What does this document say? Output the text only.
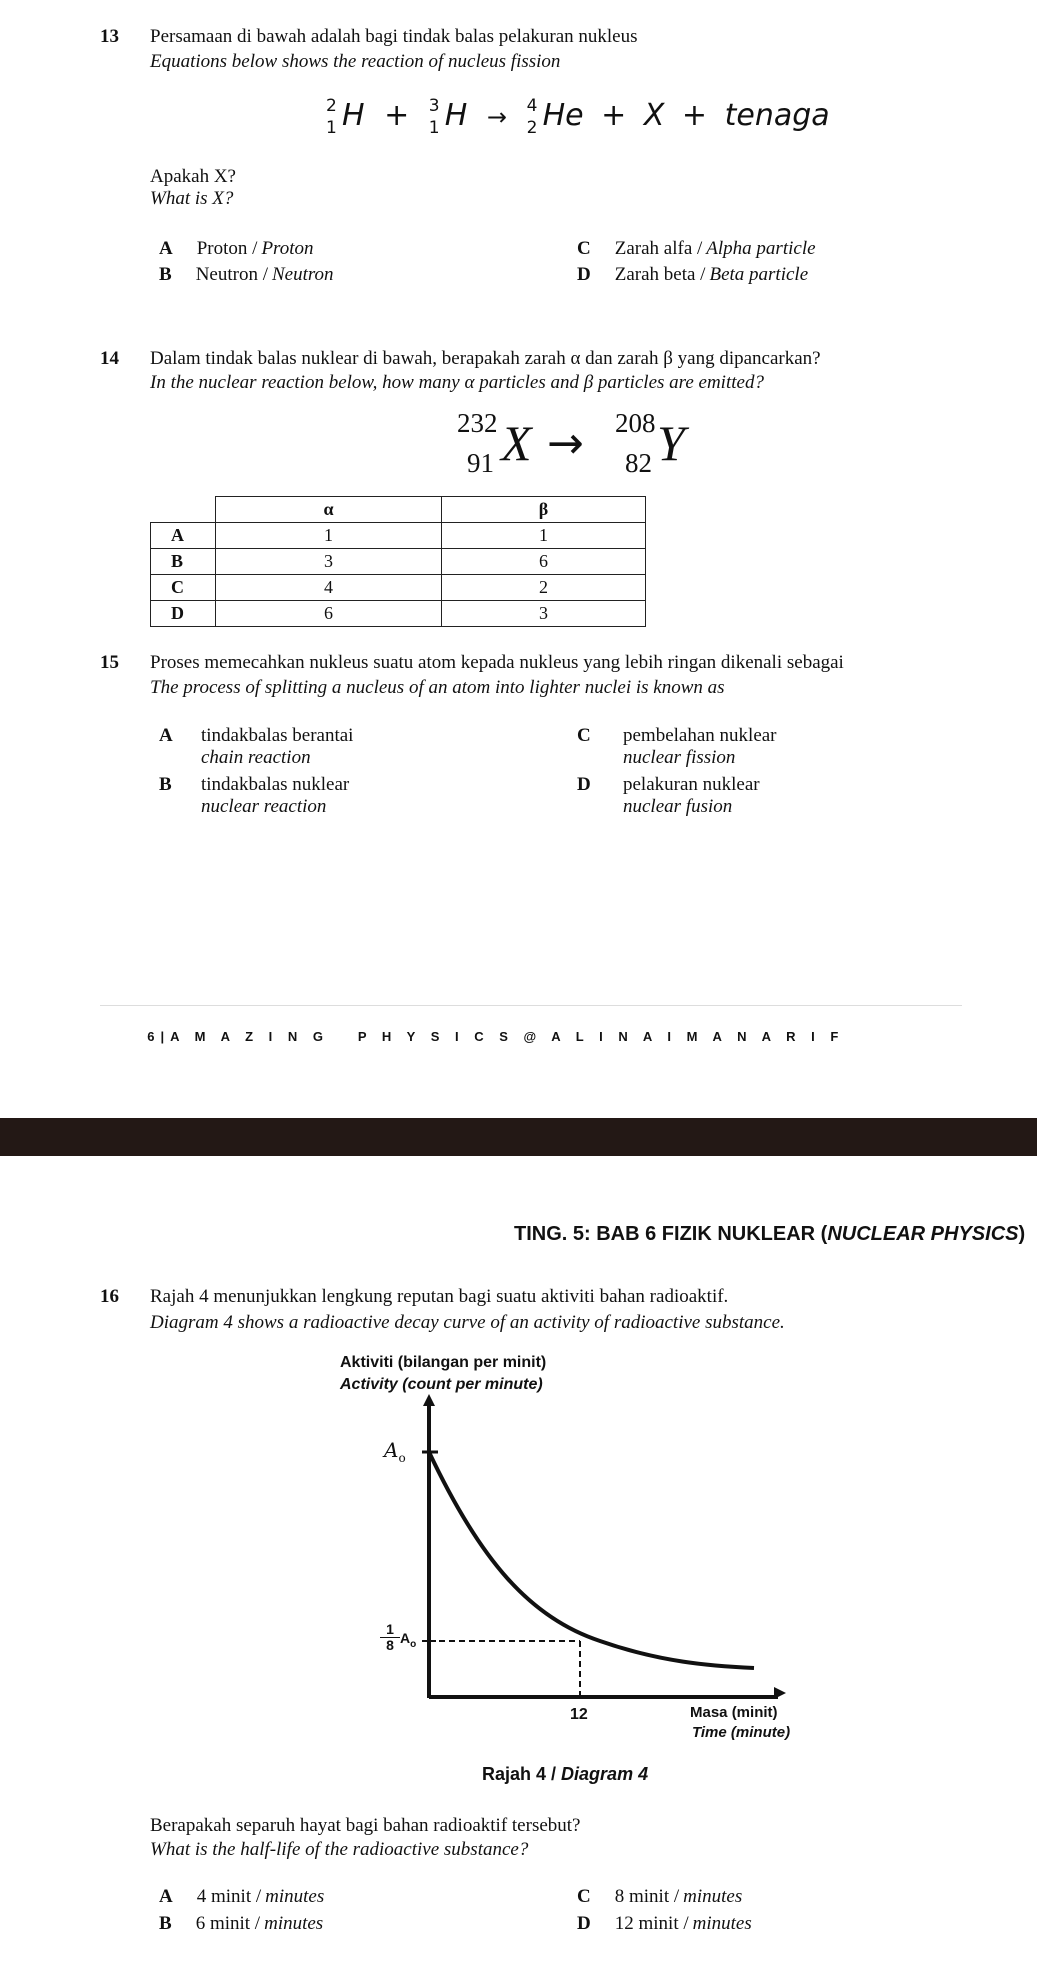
13 Persamaan di bawah adalah bagi tindak balas pelakuran nukleus
Equations below shows the reaction of nucleus fission
2
1 H + 3
1 H → 4
2 He + X + tenaga
Apakah X?
What is X?
A Proton / Proton
B Neutron / Neutron
C Zarah alfa / Alpha particle
D Zarah beta / Beta particle
14 Dalam tindak balas nuklear di bawah, berapakah zarah α dan zarah β yang dipancarkan?
In the nuclear reaction below, how many α particles and β particles are emitted?
232
91 X → 208
82 Y
	α	β
A	1	1
B	3	6
C	4	2
D	6	3
15 Proses memecahkan nukleus suatu atom kepada nukleus yang lebih ringan dikenali sebagai
The process of splitting a nucleus of an atom into lighter nuclei is known as
A tindakbalas berantai
chain reaction
B tindakbalas nuklear
nuclear reaction
C pembelahan nuklear
nuclear fission
D pelakuran nuklear
nuclear fusion

6|A M A Z I N G   P H Y S I C S @ A L I N A I M A N A R I F

TING. 5: BAB 6 FIZIK NUKLEAR (NUCLEAR PHYSICS)
16 Rajah 4 menunjukkan lengkung reputan bagi suatu aktiviti bahan radioaktif.
Diagram 4 shows a radioactive decay curve of an activity of radioactive substance.
Aktiviti (bilangan per minit)
Activity (count per minute)
$A_o$
$\frac{1}{8} A_o$
12	Masa (minit)
Time (minute)
Rajah 4 / Diagram 4
Berapakah separuh hayat bagi bahan radioaktif tersebut?
What is the half-life of the radioactive substance?
A 4 minit / minutes
B 6 minit / minutes
C 8 minit / minutes
D 12 minit / minutes
